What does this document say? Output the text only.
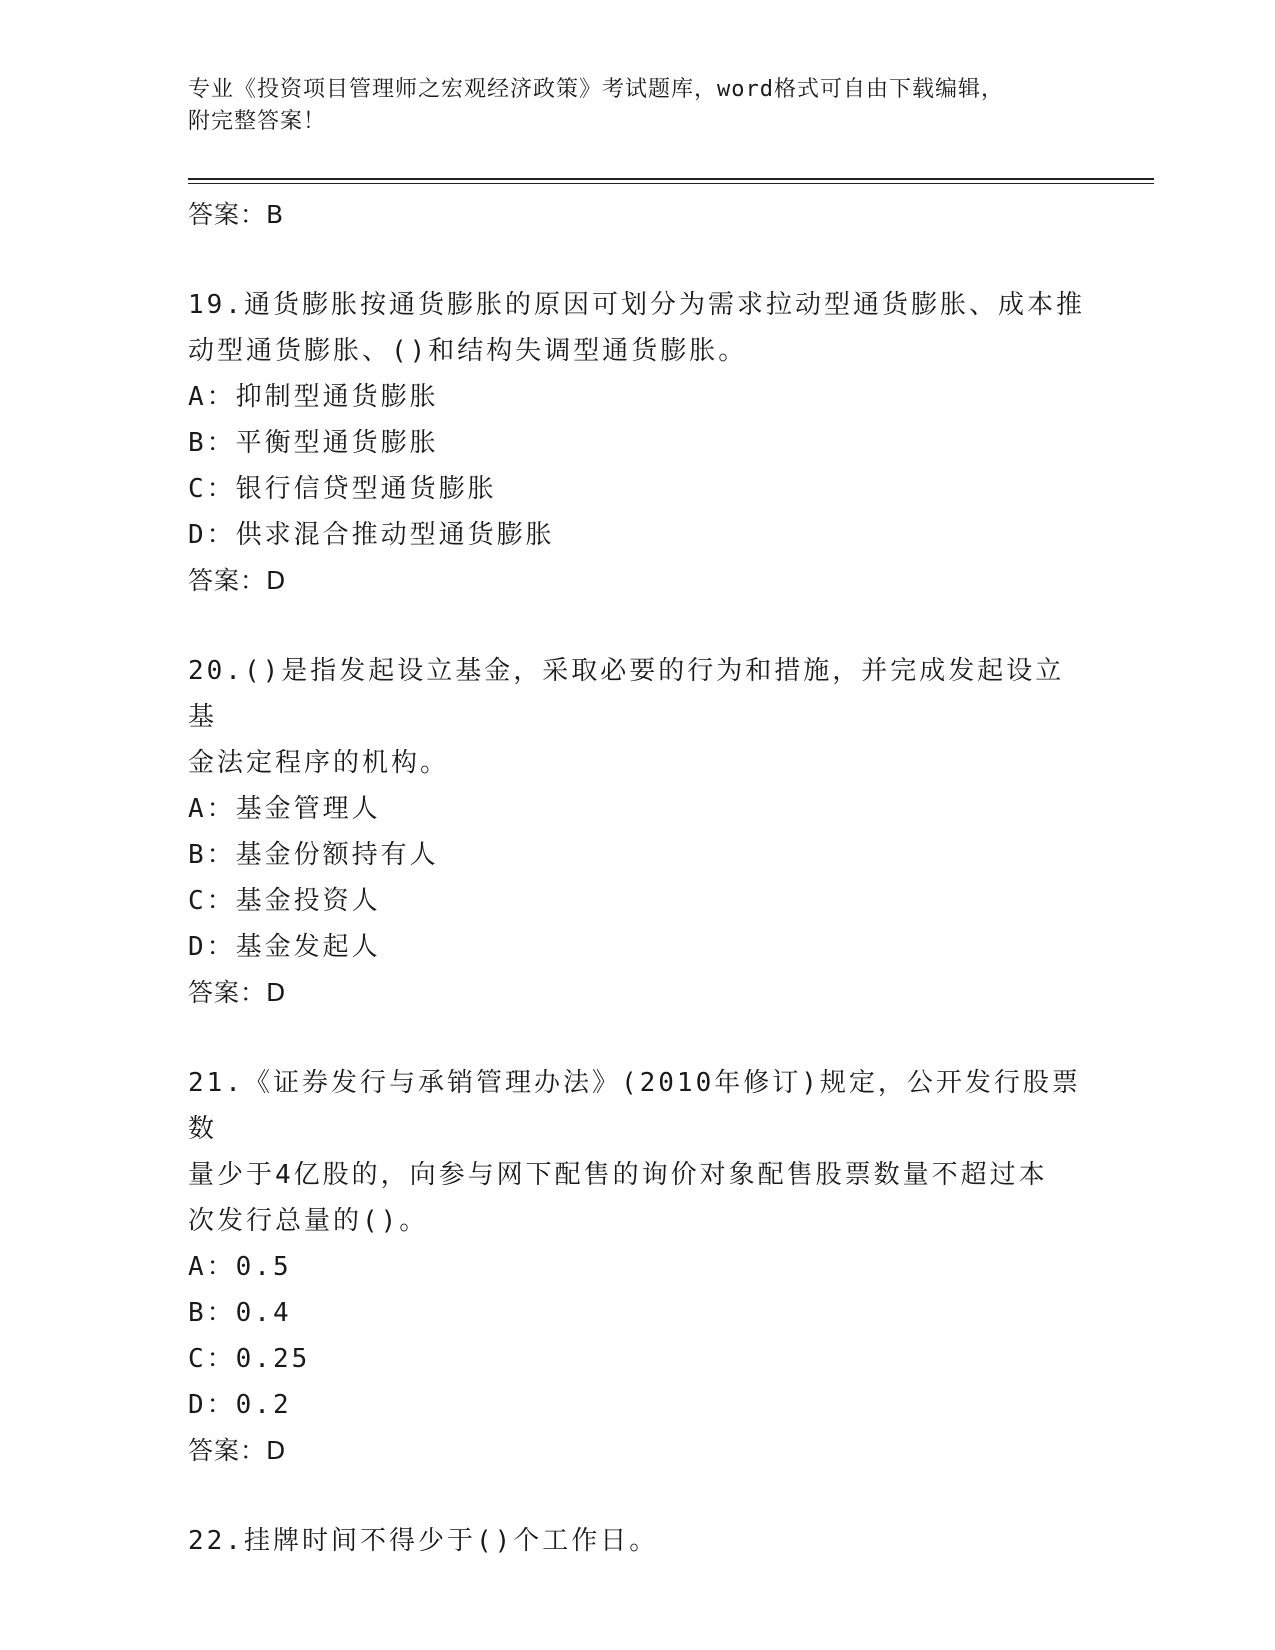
专业《投资项目管理师之宏观经济政策》考试题库，word格式可自由下载编辑，
附完整答案！
答案：B
19.通货膨胀按通货膨胀的原因可划分为需求拉动型通货膨胀、成本推
动型通货膨胀、()和结构失调型通货膨胀。
A：抑制型通货膨胀
B：平衡型通货膨胀
C：银行信贷型通货膨胀
D：供求混合推动型通货膨胀
答案：D
20.()是指发起设立基金，采取必要的行为和措施，并完成发起设立基
金法定程序的机构。
A：基金管理人
B：基金份额持有人
C：基金投资人
D：基金发起人
答案：D
21.《证券发行与承销管理办法》(2010年修订)规定，公开发行股票数
量少于4亿股的，向参与网下配售的询价对象配售股票数量不超过本
次发行总量的()。
A：0.5
B：0.4
C：0.25
D：0.2
答案：D
22.挂牌时间不得少于()个工作日。
